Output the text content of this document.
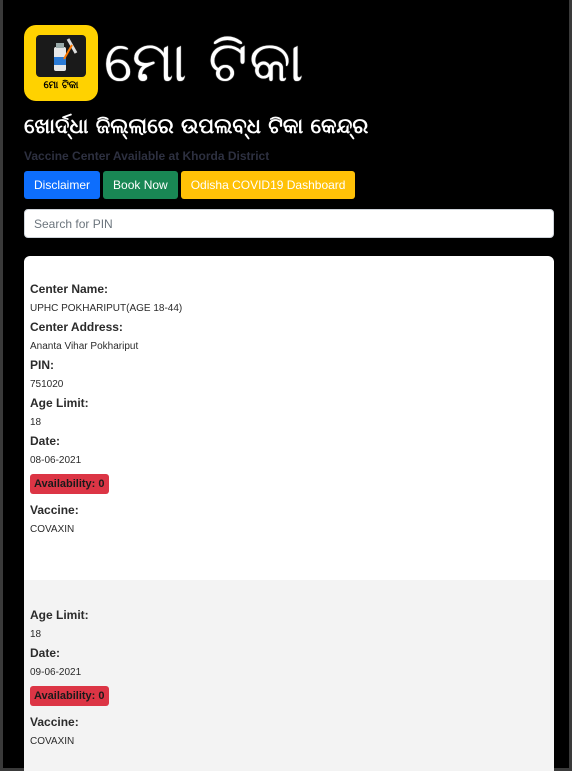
ମୋ ଟିକା ମୋ ଟିକା
ଖୋର୍ଦ୍ଧା ଜିଲ୍ଲାରେ ଉପଲବ୍ଧ ଟିକା କେନ୍ଦ୍ର
Vaccine Center Available at Khorda District
Disclaimer	Book Now	Odisha COVID19 Dashboard
Search for PIN
Center Name:
UPHC POKHARIPUT(AGE 18-44)
Center Address:
Ananta Vihar Pokhariput
PIN:
751020
Age Limit:
18
Date:
08-06-2021
Availability: 0
Vaccine:
COVAXIN
Age Limit:
18
Date:
09-06-2021
Availability: 0
Vaccine:
COVAXIN
